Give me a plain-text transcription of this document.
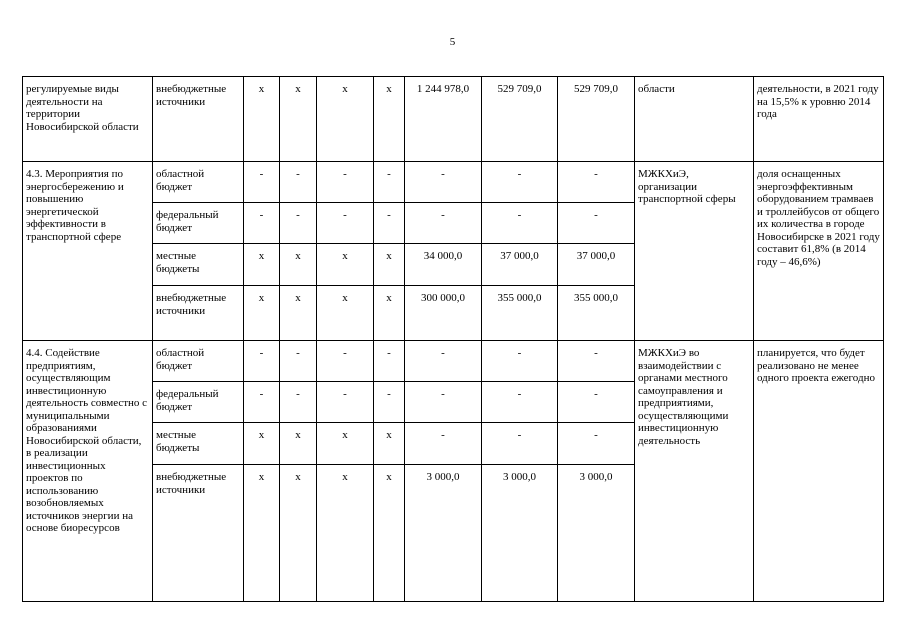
5
регулируемые виды деятельности на территории Новосибирской области	внебюджетные источники	х	х	х	х	1 244 978,0	529 709,0	529 709,0	области	деятельности, в 2021 году на 15,5% к уровню 2014 года
4.3. Мероприятия по энергосбережению и повышению энергетической эффективности в транспортной сфере	областной бюджет	-	-	-	-	-	-	-	МЖКХиЭ, организации транспортной сферы	доля оснащенных энергоэффективным оборудованием трамваев и троллейбусов от общего их количества в городе Новосибирске в 2021 году составит 61,8% (в 2014 году – 46,6%)
	федеральный бюджет	-	-	-	-	-	-	-		
	местные бюджеты	х	х	х	х	34 000,0	37 000,0	37 000,0		
	внебюджетные источники	х	х	х	х	300 000,0	355 000,0	355 000,0		
4.4. Содействие предприятиям, осуществляющим инвестиционную деятельность совместно с муниципальными образованиями Новосибирской области, в реализации инвестиционных проектов по использованию возобновляемых источников энергии на основе биоресурсов	областной бюджет	-	-	-	-	-	-	-	МЖКХиЭ во взаимодействии с органами местного самоуправления и предприятиями, осуществляющими инвестиционную деятельность	планируется, что будет реализовано не менее одного проекта ежегодно
	федеральный бюджет	-	-	-	-	-	-	-		
	местные бюджеты	х	х	х	х	-	-	-		
	внебюджетные источники	х	х	х	х	3 000,0	3 000,0	3 000,0		
